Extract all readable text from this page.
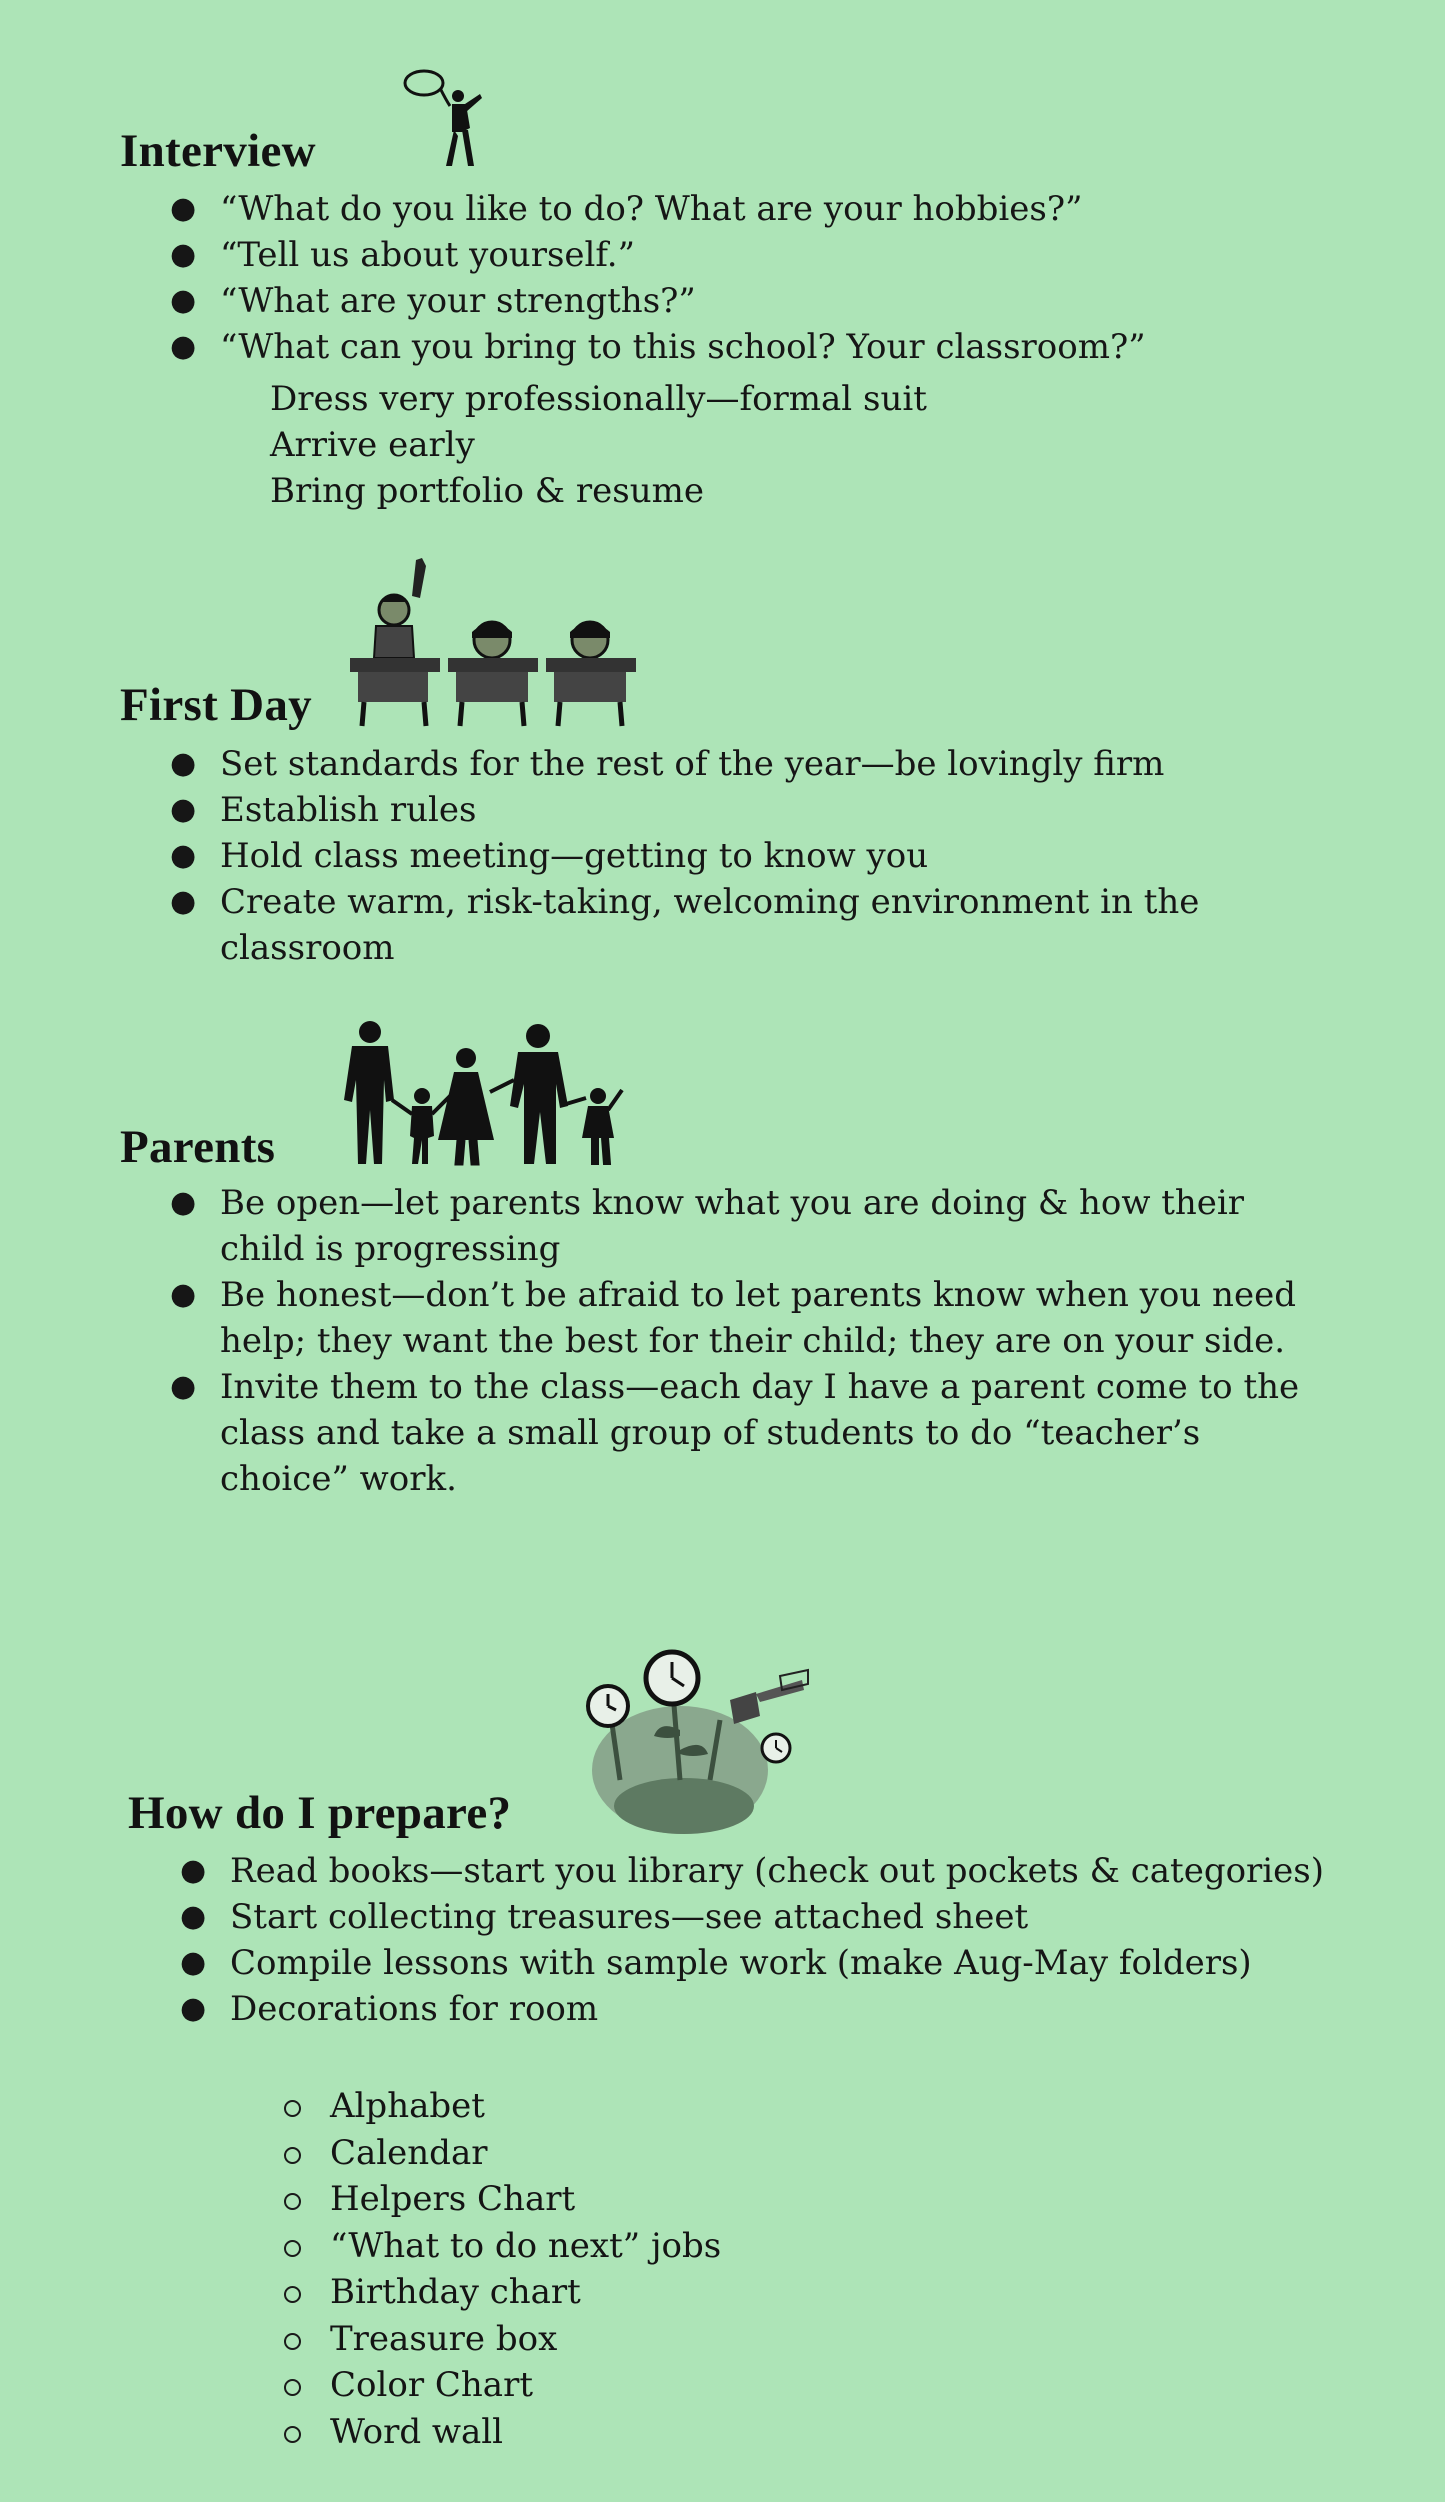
Interview
● “What do you like to do? What are your hobbies?”
● “Tell us about yourself.”
● “What are your strengths?”
● “What can you bring to this school? Your classroom?”
Dress very professionally—formal suit
Arrive early
Bring portfolio & resume
First Day
● Set standards for the rest of the year—be lovingly firm
● Establish rules
● Hold class meeting—getting to know you
● Create warm, risk-taking, welcoming environment in the classroom
Parents
● Be open—let parents know what you are doing & how their child is progressing
● Be honest—don’t be afraid to let parents know when you need help; they want the best for their child; they are on your side.
● Invite them to the class—each day I have a parent come to the class and take a small group of students to do “teacher’s choice” work.
How do I prepare?
● Read books—start you library (check out pockets & categories)
● Start collecting treasures—see attached sheet
● Compile lessons with sample work (make Aug-May folders)
● Decorations for room
Alphabet
Calendar
Helpers Chart
“What to do next” jobs
Birthday chart
Treasure box
Color Chart
Word wall
